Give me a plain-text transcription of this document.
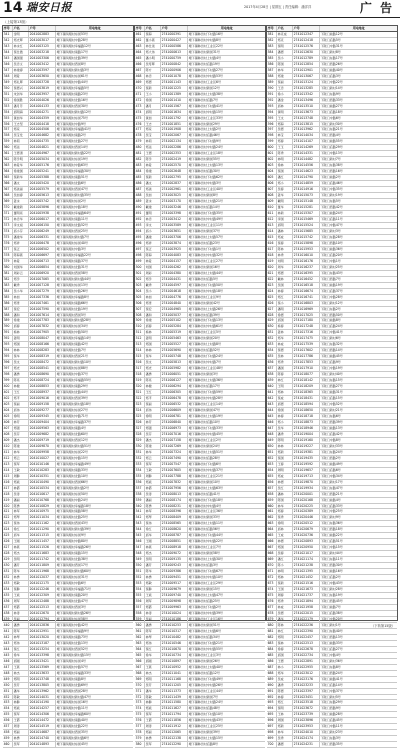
14 瑞安日报	2017年4月28日 | 星期五 | 责任编辑：潘洋洋	广 告
（上接第13版）
序号	户名	户号	用电地址
341	金明	2041002883	塘下镇凤翔村东街53号
342	郑光辉	2041003017	塘下镇凤翔村中路28号
343	林永红	2041003125	塘下镇凤翔村幸福路12号
344	蔡仕微	2041003218	塘下镇凤翔村南路17号
345	潘国强	2041003306	塘下镇凤翔村北路39号
346	吴忠义	2041003412	塘下镇凤翔村西街8号
347	林建春	2041003597	塘下镇凤翔村新村路3号
348	周爱	2041003650	塘下镇凤翔村东街61号
349	郑礼辉	2041003728	塘下镇凤翔村中路44号
350	蔡德兴	2041003819	塘下镇凤翔村幸福路5号
351	朱剑华	2041003957	塘下镇凤翔村南路23号
352	徐国胜	2041004026	塘下镇凤翔村北路16号
353	潘月芳	2041004133	塘下镇凤翔村西街30号
354	邱明海	2041004271	塘下镇凤翔村新村路12号
355	黄加华	2041004359	塘下镇凤翔村东街75号
356	王志坚	2041004418	塘下镇凤翔村中路9号
357	郑家	2041004506	塘下镇凤翔村幸福路41号
358	吴宝发	2041004682	塘下镇凤翔村南路2号
359	林莉	2041004735	塘下镇凤翔村北路27号
360	郑远	2041004821	塘下镇凤翔村西街14号
361	王德清	2041004967	塘下镇凤翔村新村路22号
362	陈学明	2041005034	塘下镇凤翔村东街19号
363	林爱华	2041005176	塘下镇凤翔村中路63号
364	徐建国	2041005241	塘下镇凤翔村幸福路30号
365	蔡新华	2041005388	塘下镇凤翔村南路51号
366	潘文	2041005420	塘下镇凤翔村北路6号
367	郑美丽	2041005579	塘下镇凤翔村西街47号
368	吴加春	2041005613	塘下镇凤翔村新村路35号
369	姜永	2041005742	塘下镇凤翔村东街2号
370	戴建新	2041005896	塘下镇凤翔村中路18号
371	董明亮	2041005938	塘下镇凤翔村幸福路64号
372	林忠华	2041006017	塘下镇凤翔村南路11号
373	李文斌	2041006150	塘下镇凤翔村北路52号
374	邱小芬	2041006249	塘下镇凤翔村西街25号
375	潘建华	2041006331	塘下镇凤翔村新村路7号
376	郑祥	2041006478	塘下镇凤翔村东街40号
377	蔡正	2041006502	塘下镇凤翔村中路3号
378	陈海燕	2041006697	塘下镇凤翔村幸福路22号
379	林爱	2041006713	塘下镇凤翔村南路37号
380	刘国华	2041006854	塘下镇凤翔村北路31号
381	周彩云	2041006920	塘下镇凤翔村西街58号
382	郑学	2041007065	塘下镇凤翔村新村路44号
383	戴秀	2041007128	塘下镇凤翔村东街13号
384	吴小华	2041007279	塘下镇凤翔村中路26号
385	林加	2041007336	塘下镇凤翔村幸福路8号
386	郑雪	2041007461	塘下镇凤翔村南路66号
387	蔡宏	2041007590	塘下镇凤翔村北路19号
388	潘和	2041007614	塘下镇凤翔村西街5号
389	徐建	2041007783	塘下镇凤翔村新村路28号
390	邱春	2041007832	塘下镇凤翔村东街34号
391	杨林	2041007905	塘下镇凤翔村中路50号
392	姜明	2041008047	塘下镇凤翔村幸福路14号
393	郑国	2041008166	塘下镇凤翔村南路42号
394	林林	2041008283	塘下镇凤翔村北路7号
395	蔡华	2041008319	塘下镇凤翔村西街21号
396	吴文	2041008472	塘下镇凤翔村新村路10号
397	郑光	2041008541	塘下镇凤翔村东街88号
398	潘勇	2041008690	塘下镇凤翔村中路37号
399	陈亮	2041008724	塘下镇凤翔村幸福路55号
400	林健	2041008853	塘下镇凤翔村南路29号
401	王红	2041008937	塘下镇凤翔村北路44号
402	郑平	2041009016	塘下镇凤翔村西街39号
403	蔡丽	2041009158	塘下镇凤翔村新村路18号
404	邱伟	2041009277	塘下镇凤翔村东街27号
405	徐明	2041009345	塘下镇凤翔村中路71号
406	林芳	2041009404	塘下镇凤翔村幸福路37号
407	郑强	2041009563	塘下镇凤翔村南路4号
408	吴芬	2041009682	塘下镇凤翔村北路60号
409	潘杰	2041009719	塘下镇凤翔村西街12号
410	陈建	2041009870	塘下镇凤翔村新村路51号
411	林华	2041009958	塘下镇凤翔村东街22号
412	郑云	2041010027	塘下镇凤翔村中路15号
413	蔡军	2041010146	塘下镇凤翔村幸福路49号
414	王敏	2041010283	塘下镇凤翔村南路33号
415	周静	2041010351	塘下镇凤翔村北路10号
416	郑斌	2041010490	塘下镇凤翔村西街66号
417	林霞	2041010534	塘下镇凤翔村新村路2号
418	吴涛	2041010617	塘下镇凤翔村东街50号
419	潘丽	2041010768	塘下镇凤翔村中路24号
420	陈勇	2041010829	塘下镇凤翔村幸福路18号
421	林军	2041010975	塘下镇凤翔村南路58号
422	郑琴	2041011034	塘下镇凤翔村北路25号
423	蔡伟	2041011162	塘下镇凤翔村西街43号
424	徐红	2041011290	塘下镇凤翔村新村路39号
425	邱华	2041011315	塘下镇凤翔村东街9号
426	王刚	2041011457	塘下镇凤翔村中路80号
427	林燕	2041011526	塘下镇凤翔村幸福路26号
428	郑杰	2041011683	塘下镇凤翔村南路15号
429	吴明	2041011742	塘下镇凤翔村北路38号
430	潘芳	2041011809	塘下镇凤翔村西街17号
431	陈华	2041011968	塘下镇凤翔村新村路60号
432	林勇	2041012037	塘下镇凤翔村东街31号
433	郑敏	2041012175	塘下镇凤翔村中路6号
434	蔡静	2041012246	塘下镇凤翔村幸福路71号
435	王斌	2041012309	塘下镇凤翔村南路20号
436	周军	2041012488	塘下镇凤翔村北路47号
437	郑霞	2041012513	塘下镇凤翔村西街3号
438	林涛	2041012670	塘下镇凤翔村新村路26号
439	吴丽	2041012794	塘下镇凤翔村东街58号
440	潘勇	2041012836	塘下镇凤翔村中路42号
441	陈军	2041012951	塘下镇凤翔村幸福路9号
442	林琴	2041013020	塘下镇凤翔村南路73号
443	郑伟	2041013187	塘下镇凤翔村北路13号
444	蔡红	2041013254	塘下镇凤翔村西街52号
445	徐华	2041013398	塘下镇凤翔村新村路15号
446	邱刚	2041013421	塘下镇凤翔村东街4号
447	王燕	2041013569	塘下镇凤翔村中路57号
448	林杰	2041013633	塘下镇凤翔村幸福路33号
449	郑明	2041013748	塘下镇凤翔村南路8号
450	吴芳	2041013805	塘下镇凤翔村北路69号
451	潘华	2041013962	塘下镇凤翔村西街28号
452	陈敏	2041014031	塘下镇凤翔村新村路47号
453	林静	2041014190	塘下镇凤翔村东街16号
454	郑斌	2041014257	塘下镇凤翔村中路11号
455	蔡军	2041014306	塘下镇凤翔村幸福路60号
456	王霞	2041014472	塘下镇凤翔村南路40号
457	周涛	2041014519	塘下镇凤翔村北路22号
458	郑丽	2041014687	塘下镇凤翔村西街35号
459	林勇	2041014740	塘下镇凤翔村新村路6号
460	吴军	2041014893	塘下镇凤翔村东街45号
序号	户名	户号	用电地址
461	蔡海	2741000391	塘下镇韩田村下村路16号
462	董小燕	2741000427	塘下镇韩田村中村路8号
463	林仕进	2741000586	塘下镇韩田村工业区22号
464	郑大伟	2741000613	塘下镇韩田村新街31号
465	潘小明	2741000759	塘下镇韩田村上村路4号
466	吴寿辉	2741000842	塘下镇韩田村后路19号
467	陈方	2741000906	塘下镇韩田村下村路27号
468	林忠	2741001078	塘下镇韩田村中村路53号
469	郑德	2741001143	塘下镇韩田村工业区6号
470	蔡新	2741001225	塘下镇韩田村新街12号
471	王小	2741001389	塘下镇韩田村上村路38号
472	徐国	2741001410	塘下镇韩田村后路7号
473	潘月	2741001567	塘下镇韩田村下村路41号
474	邱明	2741001634	塘下镇韩田村中村路15号
475	黄加	2741001792	塘下镇韩田村工业区33号
476	王志	2741001851	塘下镇韩田村新街29号
477	郑家	2741001908	塘下镇韩田村上村路2号
478	吴宝	2741002067	塘下镇韩田村后路46号
479	林莉	2741002134	塘下镇韩田村下村路9号
480	郑远	2741002286	塘下镇韩田村中村路24号
481	王德	2741002353	塘下镇韩田村工业区18号
482	陈学	2741002419	塘下镇韩田村新街55号
483	林爱	2741002570	塘下镇韩田村上村路13号
484	徐建	2741002648	塘下镇韩田村后路30号
485	蔡新	2741002795	塘下镇韩田村下村路62号
486	潘文	2741002837	塘下镇韩田村中村路3号
487	郑美	2741002961	塘下镇韩田村工业区40号
488	吴加	2741003025	塘下镇韩田村新街8号
489	姜永	2741003170	塘下镇韩田村上村路21号
490	戴建	2741003246	塘下镇韩田村后路14号
491	董明	2741003398	塘下镇韩田村下村路35号
492	林忠	2741003412	塘下镇韩田村中村路49号
493	李文	2741003589	塘下镇韩田村工业区11号
494	邱小	2741003651	塘下镇韩田村新街37号
495	潘建	2741003706	塘下镇韩田村上村路57号
496	郑祥	2741003874	塘下镇韩田村后路23号
497	蔡正	2741003925	塘下镇韩田村下村路1号
498	陈海	2741004083	塘下镇韩田村中村路32号
499	林爱	2741004157	塘下镇韩田村工业区27号
500	刘国	2741004262	塘下镇韩田村新街16号
501	周彩	2741004380	塘下镇韩田村上村路44号
502	郑学	2741004431	塘下镇韩田村后路5号
503	戴秀	2741004597	塘下镇韩田村下村路50号
504	吴小	2741004618	塘下镇韩田村中村路18号
505	林加	2741004776	塘下镇韩田村工业区9号
506	郑雪	2741004840	塘下镇韩田村新街42号
507	蔡宏	2741004965	塘下镇韩田村上村路26号
508	潘和	2741005037	塘下镇韩田村后路39号
509	徐建	2741005102	塘下镇韩田村下村路13号
510	邱春	2741005284	塘下镇韩田村中村路61号
511	杨林	2741005319	塘下镇韩田村工业区5号
512	姜明	2741005463	塘下镇韩田村新街20号
513	郑国	2741005527	塘下镇韩田村上村路8号
514	林林	2741005690	塘下镇韩田村后路52号
515	蔡华	2741005748	塘下镇韩田村下村路24号
516	吴文	2741005813	塘下镇韩田村中村路7号
517	郑光	2741005982	塘下镇韩田村工业区48号
518	潘勇	2741006051	塘下镇韩田村新街3号
519	陈亮	2741006127	塘下镇韩田村上村路36号
520	林健	2741006294	塘下镇韩田村后路17号
521	王红	2741006305	塘下镇韩田村下村路59号
522	郑平	2741006478	塘下镇韩田村中村路28号
523	蔡丽	2741006532	塘下镇韩田村工业区14号
524	邱伟	2741006609	塘下镇韩田村新街47号
525	徐明	2741006781	塘下镇韩田村上村路19号
526	林芳	2741006840	塘下镇韩田村后路10号
527	郑强	2741006973	塘下镇韩田村下村路33号
528	吴芬	2741007016	塘下镇韩田村中村路45号
529	潘杰	2741007158	塘下镇韩田村工业区2号
530	陈建	2741007269	塘下镇韩田村新街24号
531	林华	2741007324	塘下镇韩田村上村路51号
532	郑云	2741007490	塘下镇韩田村后路28号
533	蔡军	2741007547	塘下镇韩田村下村路6号
534	王敏	2741007605	塘下镇韩田村中村路37号
535	周静	2741007788	塘下镇韩田村工业区21号
536	郑斌	2741007832	塘下镇韩田村新街10号
537	林霞	2741007956	塘下镇韩田村上村路63号
538	吴涛	2741008013	塘下镇韩田村后路41号
539	潘丽	2741008174	塘下镇韩田村下村路18号
540	陈勇	2741008231	塘下镇韩田村中村路4号
541	林军	2741008396	塘下镇韩田村工业区36号
542	郑琴	2741008409	塘下镇韩田村新街33号
543	蔡伟	2741008565	塘下镇韩田村上村路11号
544	徐红	2741008620	塘下镇韩田村后路56号
545	邱华	2741008787	塘下镇韩田村下村路44号
546	王刚	2741008851	塘下镇韩田村中村路22号
547	林燕	2741008918	塘下镇韩田村工业区7号
548	郑杰	2741009072	塘下镇韩田村新街58号
549	吴明	2741009135	塘下镇韩田村上村路30号
550	潘芳	2741009243	塘下镇韩田村后路3号
551	陈华	2741009386	塘下镇韩田村下村路67号
552	林勇	2741009451	塘下镇韩田村中村路10号
553	郑敏	2741009517	塘下镇韩田村工业区29号
554	蔡静	2741009679	塘下镇韩田村新街15号
555	王斌	2741009740	塘下镇韩田村上村路47号
556	周军	2741009898	塘下镇韩田村后路25号
557	郑霞	2741009963	塘下镇韩田村下村路2号
558	林涛	2741010024	塘下镇韩田村中村路39号
559	吴丽	2741010186	塘下镇韩田村工业区16号
560	潘勇	2741010253	塘下镇韩田村新街51号
561	陈军	2741010317	塘下镇韩田村上村路6号
562	林琴	2741010482	塘下镇韩田村后路34号
563	郑伟	2741010546	塘下镇韩田村下村路21号
564	蔡红	2741010670	塘下镇韩田村中村路55号
565	徐华	2741010734	塘下镇韩田村工业区3号
566	邱刚	2741010897	塘下镇韩田村新街26号
567	王燕	2741010952	塘下镇韩田村上村路40号
568	林杰	2741011041	塘下镇韩田村后路12号
569	郑明	2741011168	塘下镇韩田村下村路49号
570	吴芳	2741011205	塘下镇韩田村中村路26号
571	潘华	2741011373	塘下镇韩田村工业区44号
572	陈敏	2741011439	塘下镇韩田村新街7号
573	林静	2741011580	塘下镇韩田村上村路24号
574	郑斌	2741011627	塘下镇韩田村后路48号
575	蔡军	2741011794	塘下镇韩田村下村路10号
576	王霞	2741011856	塘下镇韩田村中村路43号
577	周涛	2741011912	塘下镇韩田村工业区25号
578	郑丽	2741012065	塘下镇韩田村新街39号
579	林勇	2741012138	塘下镇韩田村上村路15号
580	吴军	2741012290	塘下镇韩田村后路8号
序号	户名	户号	用电地址
581	林克成	2741012347	下陡门前路12号
582	郑克	2741012418	下陡门后路5号
583	蔡明	2741012576	下陡门中路31号
584	潘德	2741012630	下陡门新村8号
585	吴小	2741012789	下陡门东路17号
586	陈国	2741012854	下陡门西路26号
587	林华	2741012901	下陡门前路40号
588	郑建	2741013067	下陡门后路3号
589	蔡丽	2741013124	下陡门中路22号
590	王忠	2741013285	下陡门新村14号
591	徐小	2741013342	下陡门东路9号
592	潘金	2741013496	下陡门西路33号
593	邱林	2741013510	下陡门前路27号
594	黄明	2741013673	下陡门后路18号
595	王文	2741013748	下陡门中路6号
596	郑海	2741013815	下陡门新村30号
597	吴德	2741013962	下陡门东路21号
598	林宝	2741014034	下陡门西路4号
599	郑春	2741014107	下陡门前路55号
600	王玉	2741014269	下陡门后路29号
601	陈秀	2741014331	下陡门中路13号
602	林明	2741014482	下陡门新村7号
603	徐林	2741014556	下陡门东路38号
604	蔡国	2741014623	下陡门西路16号
605	潘红	2741014790	下陡门前路2号
606	郑小	2741014859	下陡门后路46号
607	吴春	2741014916	下陡门中路35号
608	姜华	2741015073	下陡门新村19号
609	戴明	2741015148	下陡门东路5号
610	董华	2741015281	下陡门西路42号
611	林新	2741015307	下陡门前路24号
612	李国	2741015469	下陡门后路11号
613	邱明	2741015524	下陡门中路47号
614	潘林	2741015685	下陡门新村3号
615	郑成	2741015742	下陡门东路28号
616	蔡春	2741015898	下陡门西路10号
617	陈林	2741015953	下陡门前路36号
618	林秀	2741016010	下陡门后路20号
619	刘明	2741016176	下陡门中路1号
620	周华	2741016237	下陡门新村25号
621	郑德	2741016395	下陡门东路43号
622	戴林	2741016452	下陡门西路7号
623	吴国	2741016518	下陡门前路19号
624	林春	2741016674	下陡门后路37号
625	郑红	2741016741	下陡门中路28号
626	蔡小	2741016803	下陡门新村12号
627	潘明	2741016969	下陡门东路2号
628	徐德	2741017025	下陡门西路50号
629	邱国	2741017180	下陡门前路8号
630	杨春	2741017248	下陡门后路24号
631	姜林	2741017316	下陡门中路41号
632	郑华	2741017475	下陡门新村6号
633	林成	2741017539	下陡门东路32号
634	蔡德	2741017602	下陡门西路14号
635	吴林	2741017786	下陡门前路45号
636	郑秀	2741017853	下陡门后路9号
637	潘国	2741017910	下陡门中路19号
638	陈春	2741018077	下陡门新村40号
639	林红	2741018142	下陡门东路15号
640	王明	2741018209	下陡门西路27号
641	郑林	2741018365	下陡门前路31号
642	蔡成	2741018431	下陡门后路15号
643	邱德	2741018594	下陡门中路52号
644	徐国	2741018650	下陡门新村21号
645	林春	2741018718	下陡门东路6号
646	郑小	2741018873	下陡门西路39号
647	吴华	2741018946	下陡门前路13号
648	潘秀	2741019004	下陡门后路42号
649	陈明	2741019160	下陡门中路8号
650	林林	2741019227	下陡门新村33号
651	郑新	2741019381	下陡门东路24号
652	蔡国	2741019435	下陡门西路2号
653	王春	2741019592	下陡门前路49号
654	周明	2741019657	下陡门后路6号
655	郑成	2741019713	下陡门中路34号
656	林德	2741019870	下陡门新村17号
657	吴红	2741019934	下陡门东路47号
658	潘林	2741020001	下陡门西路21号
659	陈国	2741020168	下陡门前路4号
660	林华	2741020225	下陡门后路33号
661	郑春	2741020389	下陡门中路25号
662	蔡秀	2741020446	下陡门新村9号
663	徐明	2741020512	下陡门东路36号
664	邱林	2741020679	下陡门西路18号
665	王成	2741020736	下陡门前路22号
666	林德	2741020893	下陡门后路51号
667	郑国	2741020950	下陡门中路15号
668	吴春	2741021017	下陡门新村44号
669	潘红	2741021174	下陡门东路11号
670	陈小	2741021238	下陡门西路30号
671	林明	2741021395	下陡门前路16号
672	郑林	2741021452	下陡门后路2号
673	蔡新	2741021516	下陡门中路43号
674	王国	2741021673	下陡门新村28号
675	周春	2741021737	下陡门东路19号
676	郑秀	2741021894	下陡门西路45号
677	林成	2741021958	下陡门前路7号
678	吴德	2741022015	下陡门后路38号
679	潘华	2741022179	下陡门中路20号
680	陈林	2741022236	下陡门新村1号
681	林红	2741022390	下陡门东路40号
682	郑明	2741022457	下陡门西路13号
683	蔡林	2741022513	下陡门前路33号
684	徐春	2741022678	下陡门后路27号
685	邱国	2741022734	下陡门中路4号
686	王德	2741022891	下陡门新村36号
687	林小	2741022955	下陡门东路8号
688	郑华	2741023012	下陡门西路24号
689	吴成	2741023176	下陡门前路41号
690	潘秀	2741023233	下陡门后路14号
691	陈德	2741023397	下陡门中路37号
692	林春	2741023451	下陡门新村5号
693	郑红	2741023518	下陡门东路29号
694	蔡明	2741023672	下陡门西路9号
695	王林	2741023739	下陡门前路28号
696	周国	2741023896	下陡门后路45号
697	郑新	2741023953	下陡门中路11号
698	林华	2741024010	下陡门新村23号
699	吴秀	2741024174	下陡门东路3号
700	潘德	2741024231	下陡门西路35号
（下转第15版）
